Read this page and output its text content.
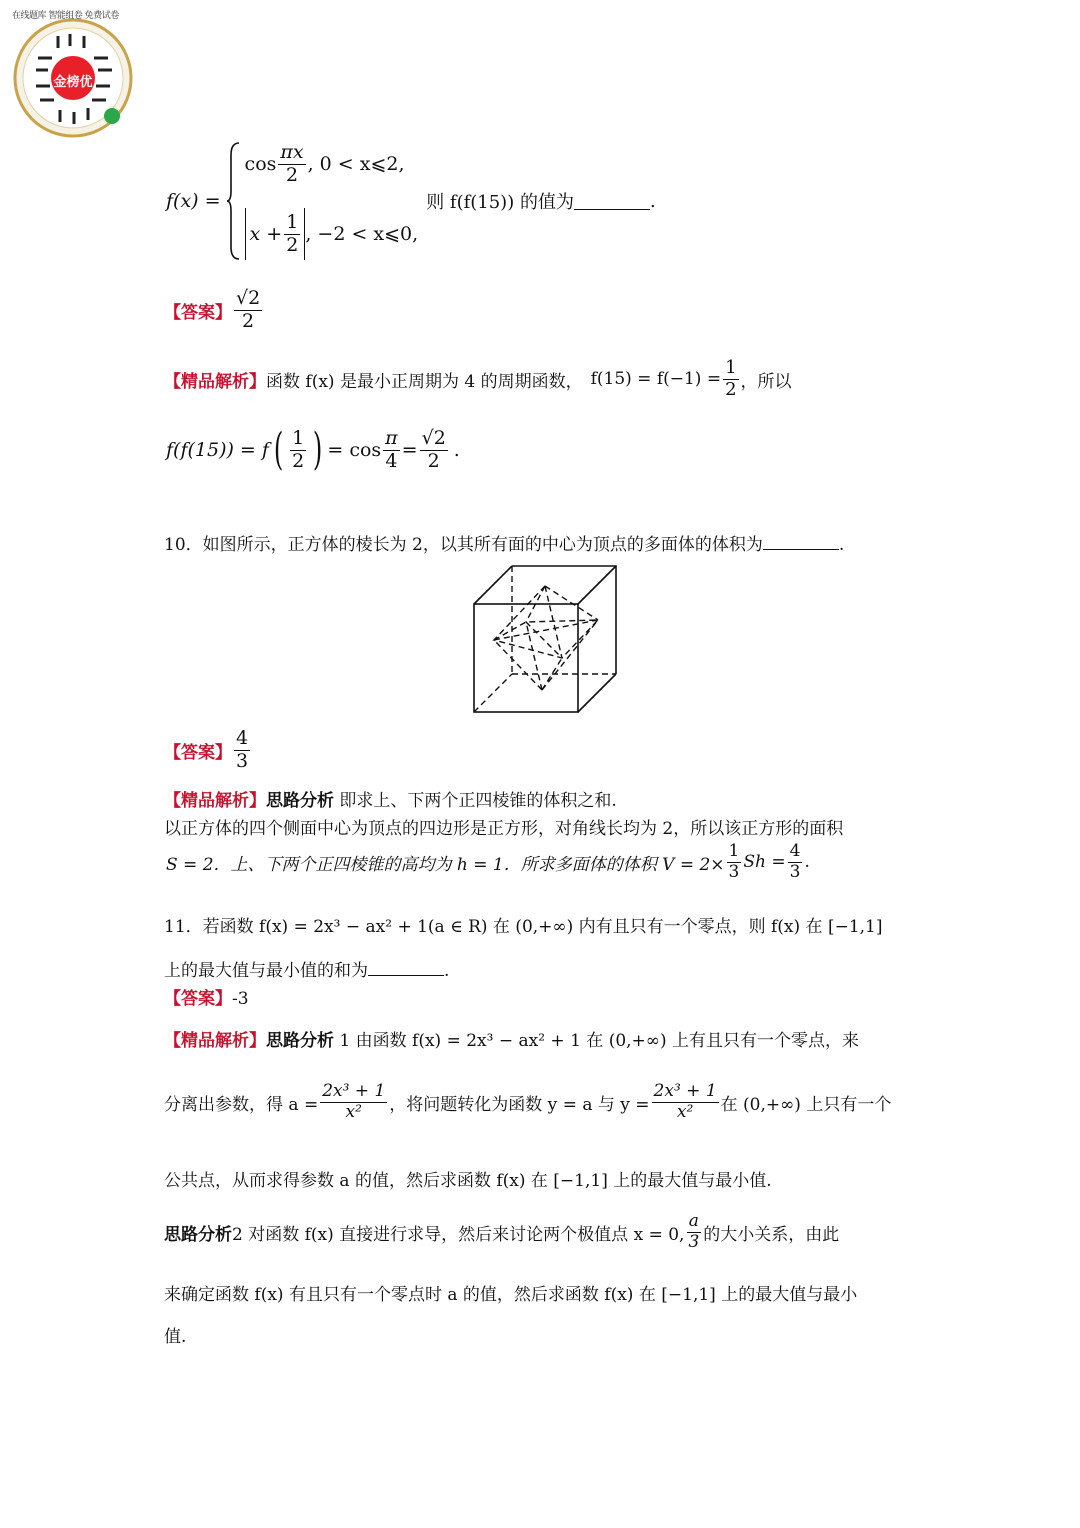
金榜优
在线题库 智能组卷 免费试卷
f(x) =
$\cos \frac{\pi x}{2}$ , 0 < x⩽2,
$x + \frac{1}{2}$ , −2 < x⩽0,
则 f(f(15)) 的值为	.
【答案】 $\frac{√2}{2}$
【精品解析】 函数 f(x) 是最小正周期为 4 的周期函数， $f(15) = f(-1) = \frac{1}{2}$ ，所以
f(f(15)) = f ( $\frac{1}{2}$ ) = $\cos \frac{\pi}{4} = \frac{√2}{2}$ .
10．如图所示，正方体的棱长为 2，以其所有面的中心为顶点的多面体的体积为	.
【答案】 $\frac{4}{3}$
【精品解析】思路分析 即求上、下两个正四棱锥的体积之和.
以正方体的四个侧面中心为顶点的四边形是正方形，对角线长均为 2，所以该正方形的面积
S = 2．上、下两个正四棱锥的高均为 h = 1．所求多面体的体积 $V = 2\times \frac{1}{3}$ $Sh = \frac{4}{3}$ .
11．若函数 f(x) = 2x³ − ax² + 1(a ∈ R) 在 (0,+∞) 内有且只有一个零点，则 f(x) 在 [−1,1]
上的最大值与最小值的和为	.
【答案】-3
【精品解析】思路分析 1 由函数 f(x) = 2x³ − ax² + 1 在 (0,+∞) 上有且只有一个零点，来
分离出参数，得 $a = \frac{\text{2x³ + 1}}{\text{x²}}$ ，将问题转化为函数 y = a 与 $y = \frac{\text{2x³ + 1}}{\text{x²}}$ 在 (0,+∞) 上只有一个
公共点，从而求得参数 a 的值，然后求函数 f(x) 在 [−1,1] 上的最大值与最小值.
思路分析 2 对函数 f(x) 直接进行求导，然后来讨论两个极值点 x = 0, $\frac{a}{3}$ 的大小关系，由此
来确定函数 f(x) 有且只有一个零点时 a 的值，然后求函数 f(x) 在 [−1,1] 上的最大值与最小
值.
